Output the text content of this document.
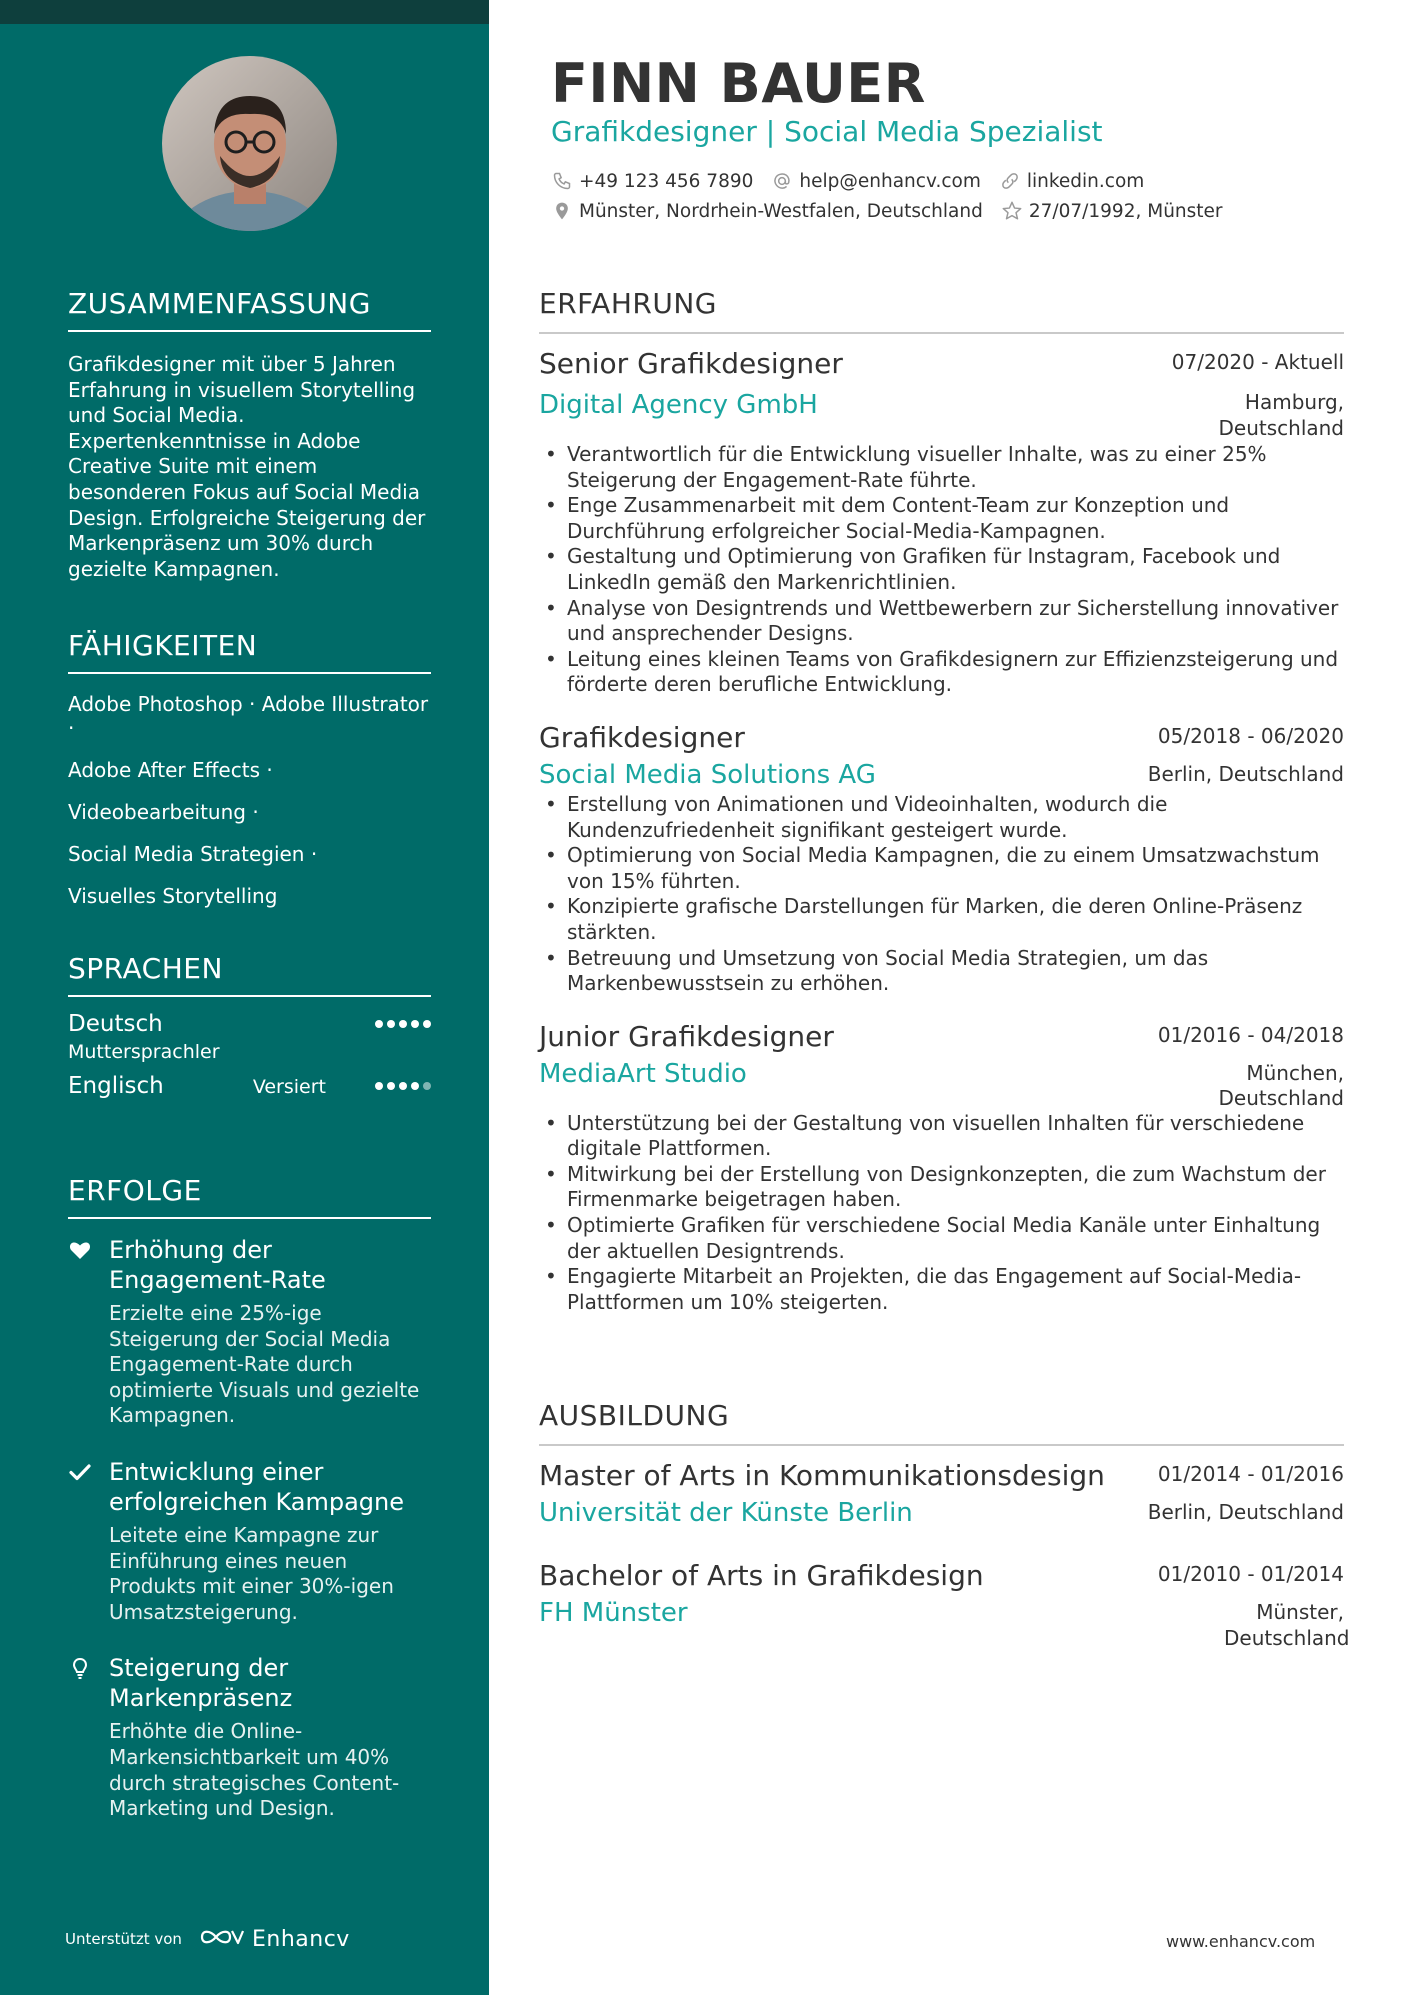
ZUSAMMENFASSUNG
Grafikdesigner mit über 5 Jahren Erfahrung in visuellem Storytelling und Social Media. Expertenkenntnisse in Adobe Creative Suite mit einem besonderen Fokus auf Social Media Design. Erfolgreiche Steigerung der Markenpräsenz um 30% durch gezielte Kampagnen.
FÄHIGKEITEN
Adobe Photoshop · Adobe Illustrator ·
Adobe After Effects ·
Videobearbeitung ·
Social Media Strategien ·
Visuelles Storytelling
SPRACHEN
Deutsch
Muttersprachler
Englisch	Versiert
ERFOLGE
Erhöhung der Engagement-Rate
Erzielte eine 25%-ige Steigerung der Social Media Engagement-Rate durch optimierte Visuals und gezielte Kampagnen.
Entwicklung einer erfolgreichen Kampagne
Leitete eine Kampagne zur Einführung eines neuen Produkts mit einer 30%-igen Umsatzsteigerung.
Steigerung der Markenpräsenz
Erhöhte die Online-Markensichtbarkeit um 40% durch strategisches Content-Marketing und Design.
Unterstützt von	Enhancv
FINN BAUER
Grafikdesigner | Social Media Spezialist
+49 123 456 7890 help@enhancv.com linkedin.com
Münster, Nordrhein-Westfalen, Deutschland 27/07/1992, Münster
ERFAHRUNG
Senior Grafikdesigner	07/2020 - Aktuell
Digital Agency GmbH	Hamburg, Deutschland
• Verantwortlich für die Entwicklung visueller Inhalte, was zu einer 25% Steigerung der Engagement-Rate führte.
• Enge Zusammenarbeit mit dem Content-Team zur Konzeption und Durchführung erfolgreicher Social-Media-Kampagnen.
• Gestaltung und Optimierung von Grafiken für Instagram, Facebook und LinkedIn gemäß den Markenrichtlinien.
• Analyse von Designtrends und Wettbewerbern zur Sicherstellung innovativer und ansprechender Designs.
• Leitung eines kleinen Teams von Grafikdesignern zur Effizienzsteigerung und förderte deren berufliche Entwicklung.
Grafikdesigner	05/2018 - 06/2020
Social Media Solutions AG	Berlin, Deutschland
• Erstellung von Animationen und Videoinhalten, wodurch die Kundenzufriedenheit signifikant gesteigert wurde.
• Optimierung von Social Media Kampagnen, die zu einem Umsatzwachstum von 15% führten.
• Konzipierte grafische Darstellungen für Marken, die deren Online-Präsenz stärkten.
• Betreuung und Umsetzung von Social Media Strategien, um das Markenbewusstsein zu erhöhen.
Junior Grafikdesigner	01/2016 - 04/2018
MediaArt Studio	München, Deutschland
• Unterstützung bei der Gestaltung von visuellen Inhalten für verschiedene digitale Plattformen.
• Mitwirkung bei der Erstellung von Designkonzepten, die zum Wachstum der Firmenmarke beigetragen haben.
• Optimierte Grafiken für verschiedene Social Media Kanäle unter Einhaltung der aktuellen Designtrends.
• Engagierte Mitarbeit an Projekten, die das Engagement auf Social-Media-Plattformen um 10% steigerten.
AUSBILDUNG
Master of Arts in Kommunikationsdesign	01/2014 - 01/2016
Universität der Künste Berlin	Berlin, Deutschland
Bachelor of Arts in Grafikdesign	01/2010 - 01/2014
FH Münster	Münster, Deutschland
www.enhancv.com
